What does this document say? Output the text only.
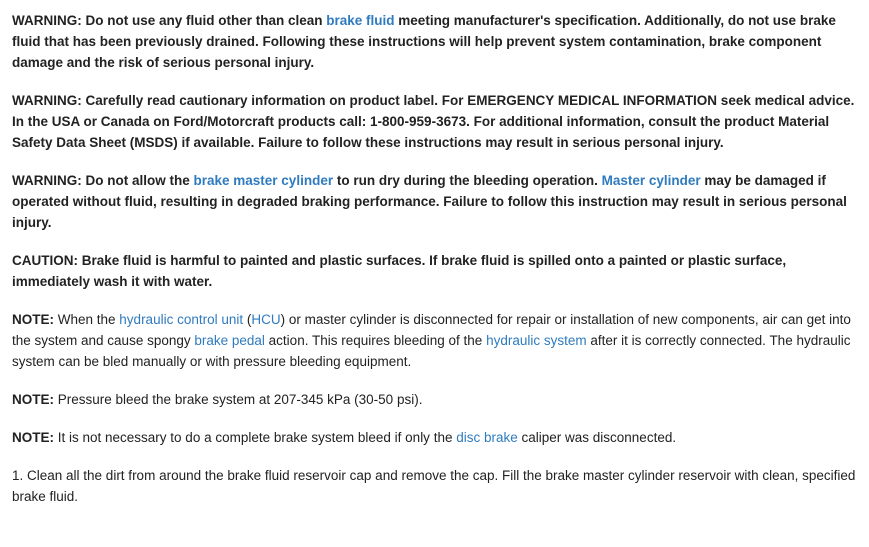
WARNING: Do not use any fluid other than clean brake fluid meeting manufacturer's specification. Additionally, do not use brake fluid that has been previously drained. Following these instructions will help prevent system contamination, brake component damage and the risk of serious personal injury.

WARNING: Carefully read cautionary information on product label. For EMERGENCY MEDICAL INFORMATION seek medical advice. In the USA or Canada on Ford/Motorcraft products call: 1-800-959-3673. For additional information, consult the product Material Safety Data Sheet (MSDS) if available. Failure to follow these instructions may result in serious personal injury.

WARNING: Do not allow the brake master cylinder to run dry during the bleeding operation. Master cylinder may be damaged if operated without fluid, resulting in degraded braking performance. Failure to follow this instruction may result in serious personal injury.

CAUTION: Brake fluid is harmful to painted and plastic surfaces. If brake fluid is spilled onto a painted or plastic surface, immediately wash it with water.

NOTE: When the hydraulic control unit (HCU) or master cylinder is disconnected for repair or installation of new components, air can get into the system and cause spongy brake pedal action. This requires bleeding of the hydraulic system after it is correctly connected. The hydraulic system can be bled manually or with pressure bleeding equipment.

NOTE: Pressure bleed the brake system at 207-345 kPa (30-50 psi).

NOTE: It is not necessary to do a complete brake system bleed if only the disc brake caliper was disconnected.

1. Clean all the dirt from around the brake fluid reservoir cap and remove the cap. Fill the brake master cylinder reservoir with clean, specified brake fluid.
